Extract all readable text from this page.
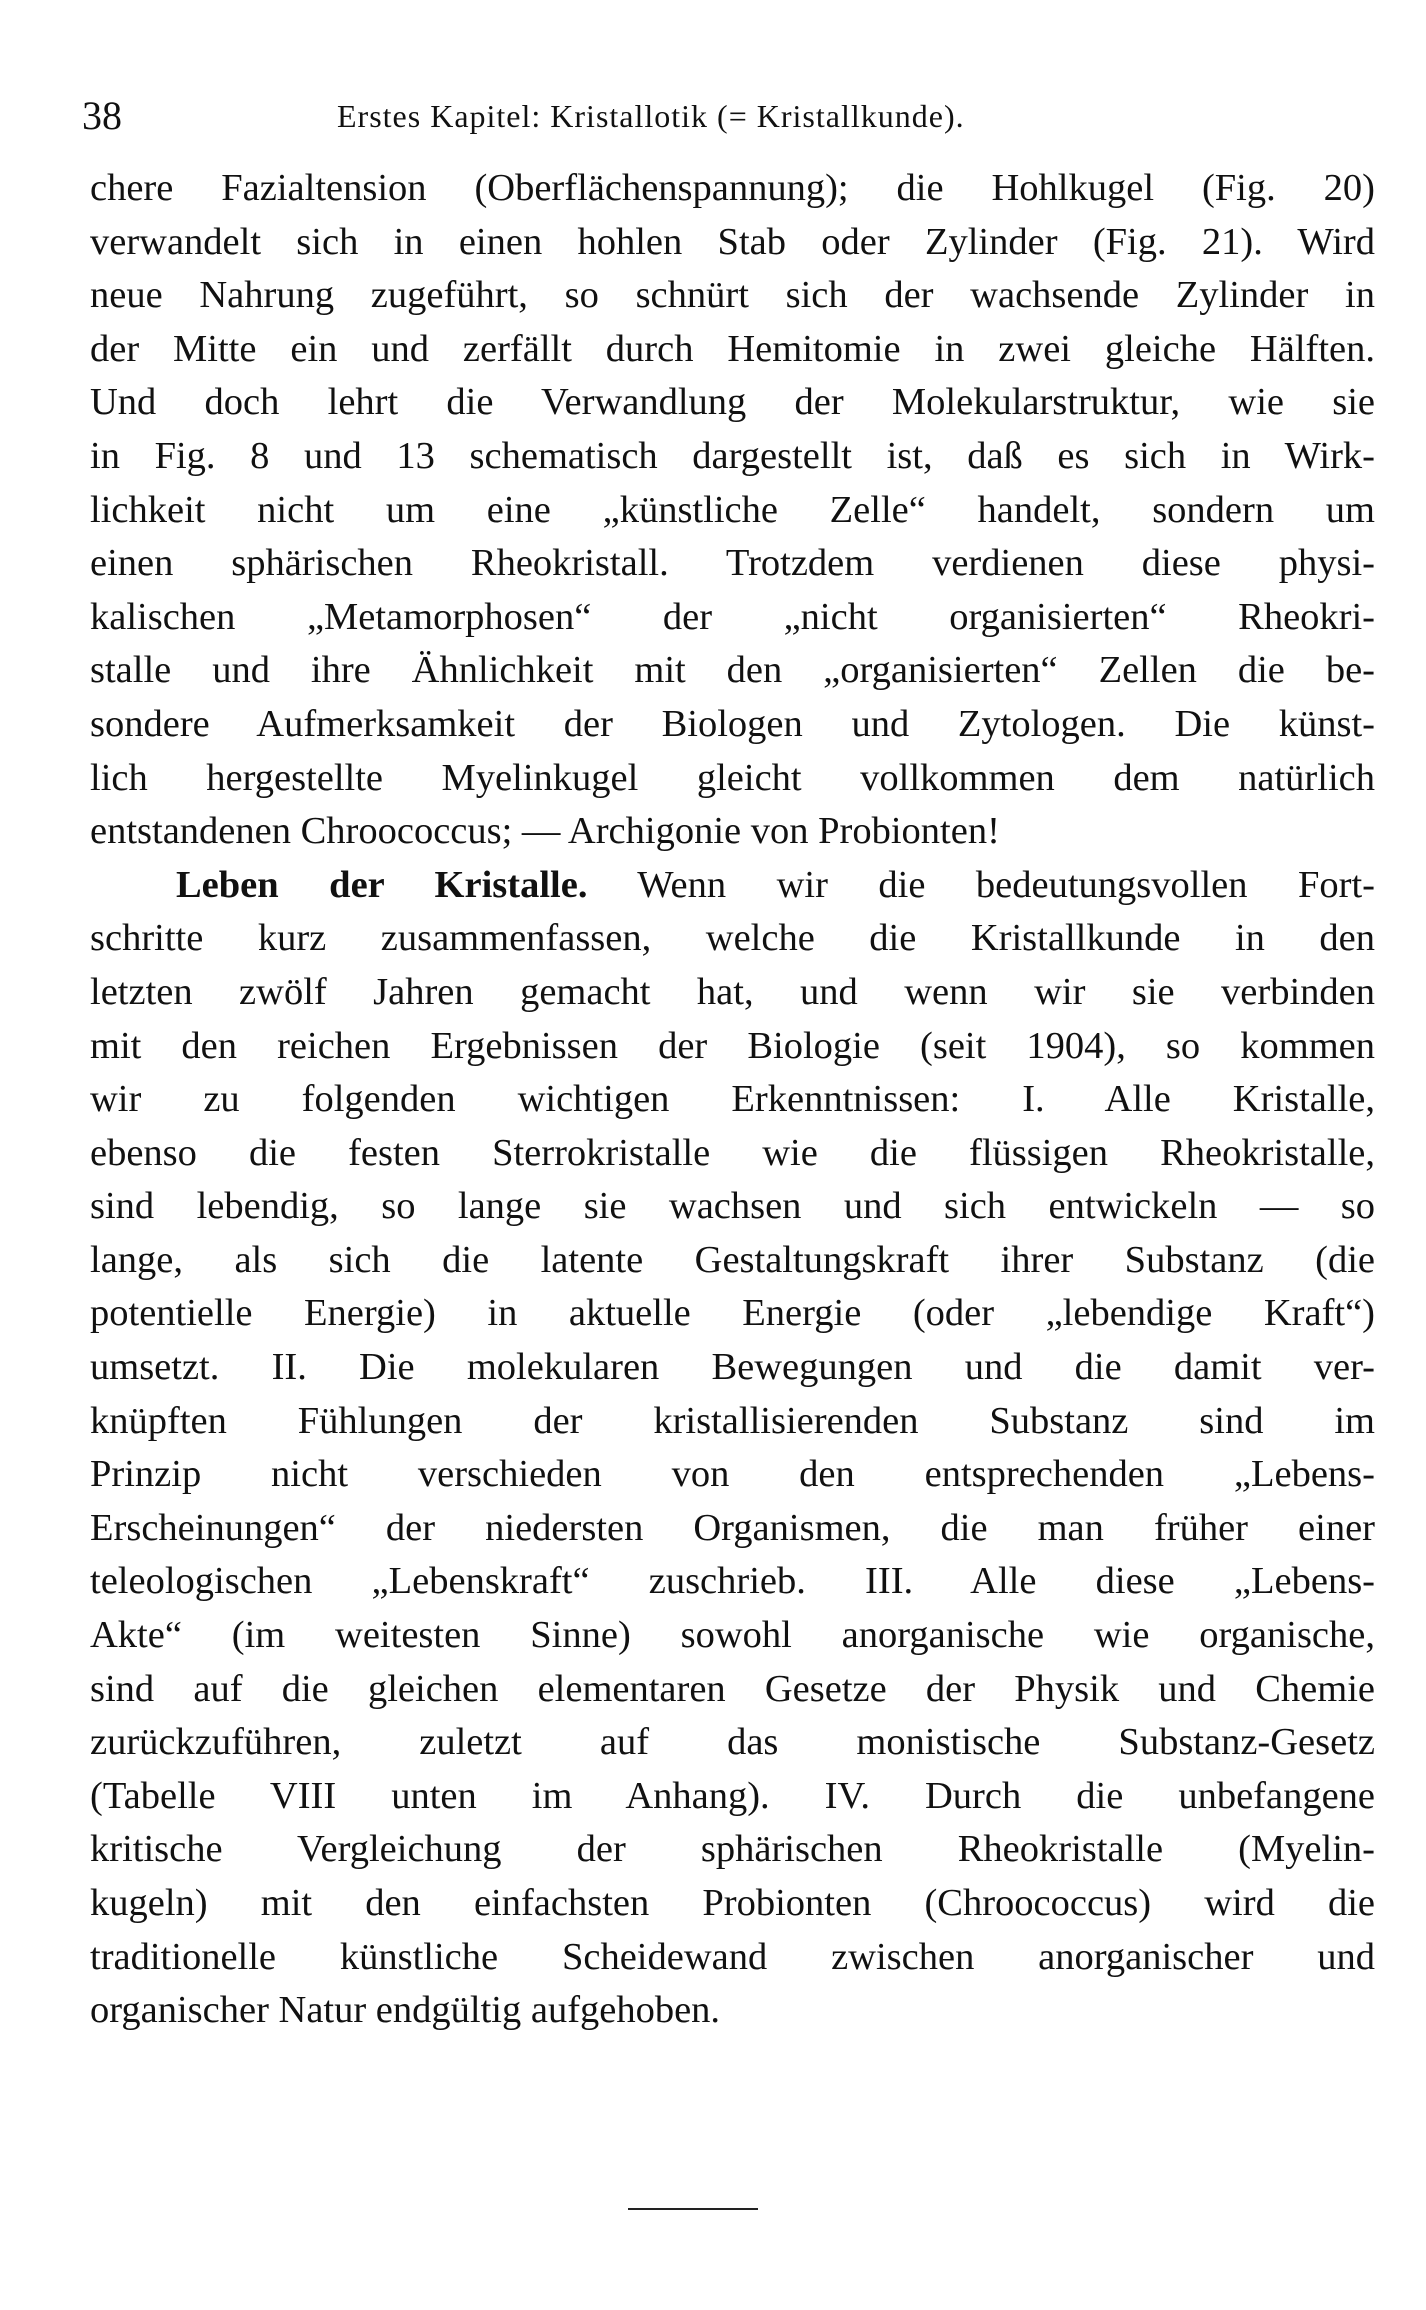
38	Erstes Kapitel: Kristallotik (= Kristallkunde).
chere Fazialtension (Oberflächenspannung); die Hohlkugel (Fig. 20)
verwandelt sich in einen hohlen Stab oder Zylinder (Fig. 21). Wird
neue Nahrung zugeführt, so schnürt sich der wachsende Zylinder in
der Mitte ein und zerfällt durch Hemitomie in zwei gleiche Hälften.
Und doch lehrt die Verwandlung der Molekularstruktur, wie sie
in Fig. 8 und 13 schematisch dargestellt ist, daß es sich in Wirk-
lichkeit nicht um eine „künstliche Zelle“ handelt, sondern um
einen sphärischen Rheokristall. Trotzdem verdienen diese physi-
kalischen „Metamorphosen“ der „nicht organisierten“ Rheokri-
stalle und ihre Ähnlichkeit mit den „organisierten“ Zellen die be-
sondere Aufmerksamkeit der Biologen und Zytologen. Die künst-
lich hergestellte Myelinkugel gleicht vollkommen dem natürlich
entstandenen Chroococcus; — Archigonie von Probionten!
Leben der Kristalle. Wenn wir die bedeutungsvollen Fort-
schritte kurz zusammenfassen, welche die Kristallkunde in den
letzten zwölf Jahren gemacht hat, und wenn wir sie verbinden
mit den reichen Ergebnissen der Biologie (seit 1904), so kommen
wir zu folgenden wichtigen Erkenntnissen: I. Alle Kristalle,
ebenso die festen Sterrokristalle wie die flüssigen Rheokristalle,
sind lebendig, so lange sie wachsen und sich entwickeln — so
lange, als sich die latente Gestaltungskraft ihrer Substanz (die
potentielle Energie) in aktuelle Energie (oder „lebendige Kraft“)
umsetzt. II. Die molekularen Bewegungen und die damit ver-
knüpften Fühlungen der kristallisierenden Substanz sind im
Prinzip nicht verschieden von den entsprechenden „Lebens-
Erscheinungen“ der niedersten Organismen, die man früher einer
teleologischen „Lebenskraft“ zuschrieb. III. Alle diese „Lebens-
Akte“ (im weitesten Sinne) sowohl anorganische wie organische,
sind auf die gleichen elementaren Gesetze der Physik und Chemie
zurückzuführen, zuletzt auf das monistische Substanz-Gesetz
(Tabelle VIII unten im Anhang). IV. Durch die unbefangene
kritische Vergleichung der sphärischen Rheokristalle (Myelin-
kugeln) mit den einfachsten Probionten (Chroococcus) wird die
traditionelle künstliche Scheidewand zwischen anorganischer und
organischer Natur endgültig aufgehoben.
